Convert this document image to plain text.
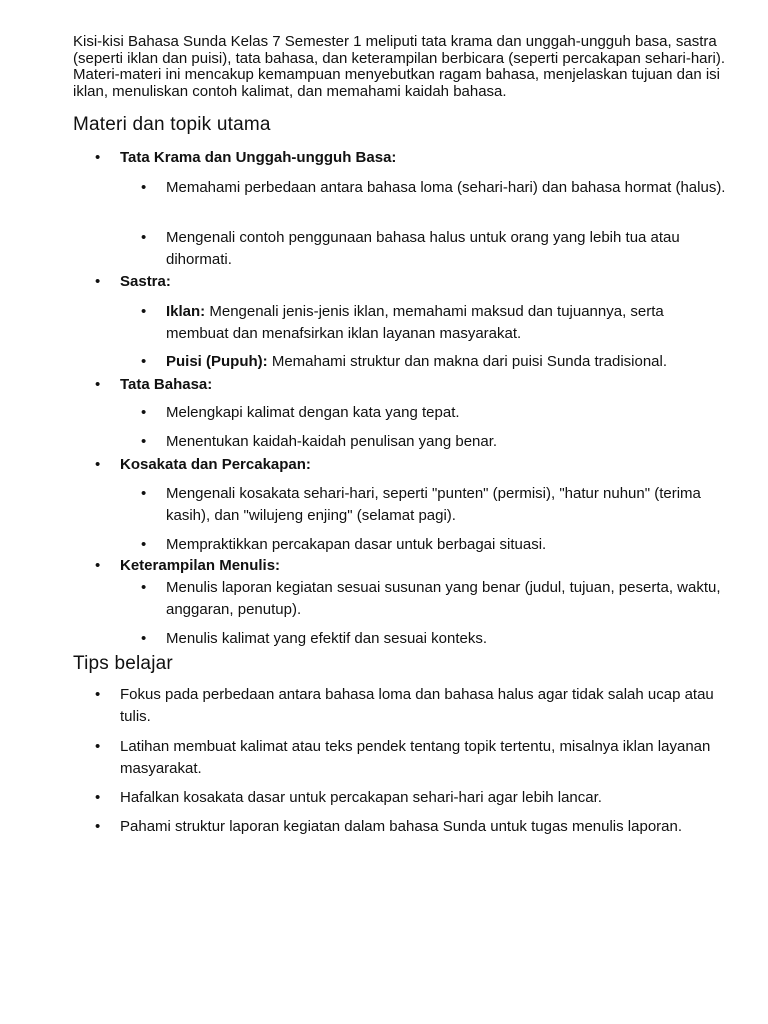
Kisi-kisi Bahasa Sunda Kelas 7 Semester 1 meliputi tata krama dan unggah-ungguh basa, sastra (seperti iklan dan puisi), tata bahasa, dan keterampilan berbicara (seperti percakapan sehari-hari). Materi-materi ini mencakup kemampuan menyebutkan ragam bahasa, menjelaskan tujuan dan isi iklan, menuliskan contoh kalimat, dan memahami kaidah bahasa.

Materi dan topik utama
• Tata Krama dan Unggah-ungguh Basa:
• Memahami perbedaan antara bahasa loma (sehari-hari) dan bahasa hormat (halus).
• Mengenali contoh penggunaan bahasa halus untuk orang yang lebih tua atau dihormati.
• Sastra:
• Iklan: Mengenali jenis-jenis iklan, memahami maksud dan tujuannya, serta membuat dan menafsirkan iklan layanan masyarakat.
• Puisi (Pupuh): Memahami struktur dan makna dari puisi Sunda tradisional.
• Tata Bahasa:
• Melengkapi kalimat dengan kata yang tepat.
• Menentukan kaidah-kaidah penulisan yang benar.
• Kosakata dan Percakapan:
• Mengenali kosakata sehari-hari, seperti "punten" (permisi), "hatur nuhun" (terima kasih), dan "wilujeng enjing" (selamat pagi).
• Mempraktikkan percakapan dasar untuk berbagai situasi.
• Keterampilan Menulis:
• Menulis laporan kegiatan sesuai susunan yang benar (judul, tujuan, peserta, waktu, anggaran, penutup).
• Menulis kalimat yang efektif dan sesuai konteks.
Tips belajar
• Fokus pada perbedaan antara bahasa loma dan bahasa halus agar tidak salah ucap atau tulis.
• Latihan membuat kalimat atau teks pendek tentang topik tertentu, misalnya iklan layanan masyarakat.
• Hafalkan kosakata dasar untuk percakapan sehari-hari agar lebih lancar.
• Pahami struktur laporan kegiatan dalam bahasa Sunda untuk tugas menulis laporan.
